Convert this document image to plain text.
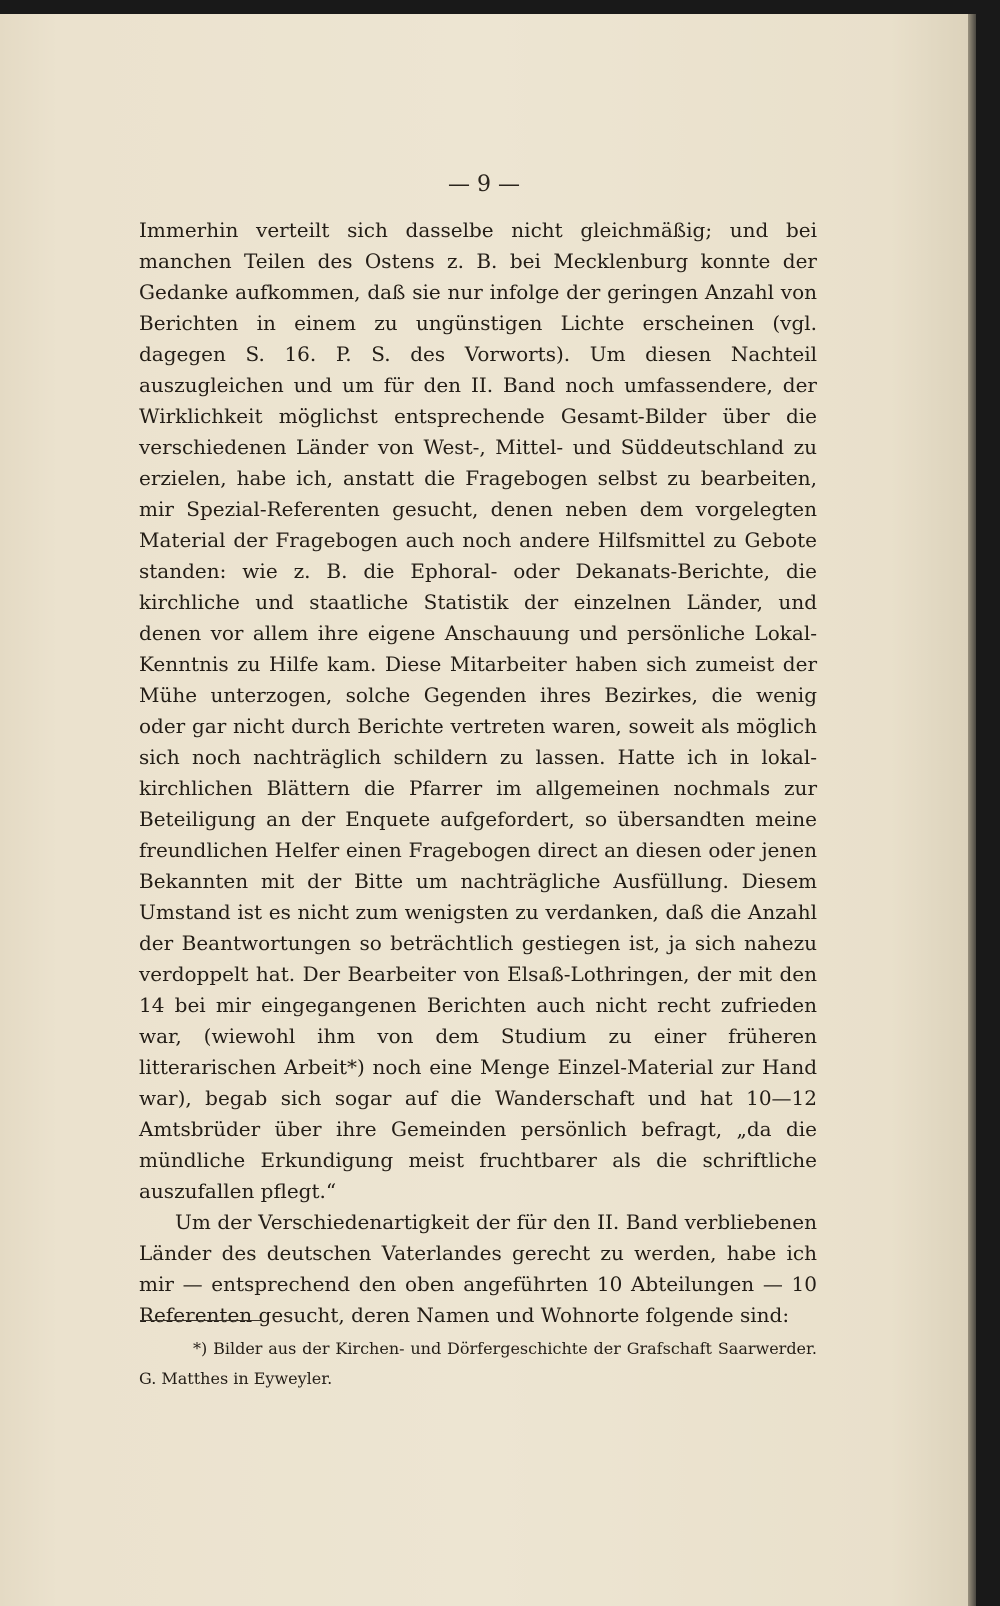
— 9 —

Immerhin verteilt sich dasselbe nicht gleichmäßig; und bei manchen Teilen des Ostens z. B. bei Mecklenburg konnte der Gedanke aufkommen, daß sie nur infolge der geringen Anzahl von Berichten in einem zu ungünstigen Lichte erscheinen (vgl. dagegen S. 16. P. S. des Vorworts). Um diesen Nachteil auszugleichen und um für den II. Band noch umfassendere, der Wirklichkeit möglichst entsprechende Gesamt-Bilder über die verschiedenen Länder von West-, Mittel- und Süddeutschland zu erzielen, habe ich, anstatt die Fragebogen selbst zu bearbeiten, mir Spezial-Referenten gesucht, denen neben dem vorgelegten Material der Fragebogen auch noch andere Hilfsmittel zu Gebote standen: wie z. B. die Ephoral- oder Dekanats-Berichte, die kirchliche und staatliche Statistik der einzelnen Länder, und denen vor allem ihre eigene Anschauung und persönliche Lokal-Kenntnis zu Hilfe kam. Diese Mitarbeiter haben sich zumeist der Mühe unterzogen, solche Gegenden ihres Bezirkes, die wenig oder gar nicht durch Berichte vertreten waren, soweit als möglich sich noch nachträglich schildern zu lassen. Hatte ich in lokal-kirchlichen Blättern die Pfarrer im allgemeinen nochmals zur Beteiligung an der Enquete aufgefordert, so übersandten meine freundlichen Helfer einen Fragebogen direct an diesen oder jenen Bekannten mit der Bitte um nachträgliche Ausfüllung. Diesem Umstand ist es nicht zum wenigsten zu verdanken, daß die Anzahl der Beantwortungen so beträchtlich gestiegen ist, ja sich nahezu verdoppelt hat. Der Bearbeiter von Elsaß-Lothringen, der mit den 14 bei mir eingegangenen Berichten auch nicht recht zufrieden war, (wiewohl ihm von dem Studium zu einer früheren litterarischen Arbeit*) noch eine Menge Einzel-Material zur Hand war), begab sich sogar auf die Wanderschaft und hat 10—12 Amtsbrüder über ihre Gemeinden persönlich befragt, „da die mündliche Erkundigung meist fruchtbarer als die schriftliche auszufallen pflegt.“

Um der Verschiedenartigkeit der für den II. Band verbliebenen Länder des deutschen Vaterlandes gerecht zu werden, habe ich mir — entsprechend den oben angeführten 10 Abteilungen — 10 Referenten gesucht, deren Namen und Wohnorte folgende sind:

*) Bilder aus der Kirchen- und Dörfergeschichte der Grafschaft Saarwerder. G. Matthes in Eyweyler.
